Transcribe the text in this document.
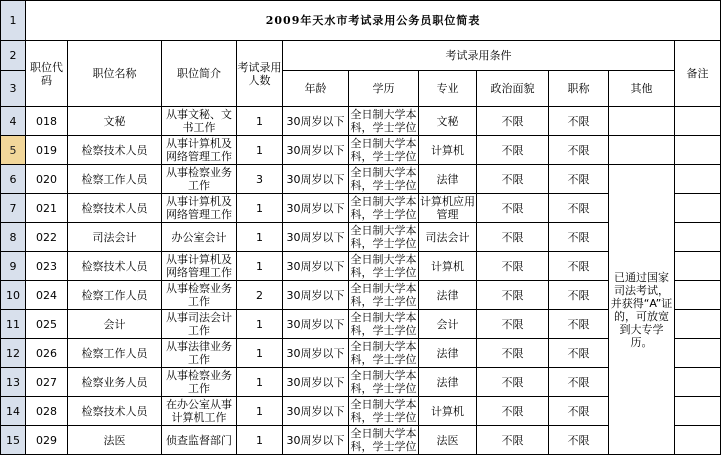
1	2009年天水市考试录用公务员职位简表										
2	职位代码	职位名称	职位简介	考试录用人数	考试录用条件						备注
3					年龄	学历	专业	政治面貌	职称	其他	
4	018	文秘	从事文秘、文书工作	1	30周岁以下	全日制大学本科，学士学位	文秘	不限	不限		
5	019	检察技术人员	从事计算机及网络管理工作	1	30周岁以下	全日制大学本科，学士学位	计算机	不限	不限		
6	020	检察工作人员	从事检察业务工作	3	30周岁以下	全日制大学本科，学士学位	法律	不限	不限	已通过国家司法考试，并获得“A”证的，可放宽到大专学历。	
7	021	检察技术人员	从事计算机及网络管理工作	1	30周岁以下	全日制大学本科，学士学位	计算机应用管理	不限	不限		
8	022	司法会计	办公室会计	1	30周岁以下	全日制大学本科，学士学位	司法会计	不限	不限		
9	023	检察技术人员	从事计算机及网络管理工作	1	30周岁以下	全日制大学本科，学士学位	计算机	不限	不限		
10	024	检察工作人员	从事检察业务工作	2	30周岁以下	全日制大学本科，学士学位	法律	不限	不限		
11	025	会计	从事司法会计工作	1	30周岁以下	全日制大学本科，学士学位	会计	不限	不限		
12	026	检察工作人员	从事法律业务工作	1	30周岁以下	全日制大学本科，学士学位	法律	不限	不限		
13	027	检察业务人员	从事检察业务工作	1	30周岁以下	全日制大学本科，学士学位	法律	不限	不限		
14	028	检察技术人员	在办公室从事计算机工作	1	30周岁以下	全日制大学本科，学士学位	计算机	不限	不限		
15	029	法医	侦查监督部门	1	30周岁以下	全日制大学本科，学士学位	法医	不限	不限		
